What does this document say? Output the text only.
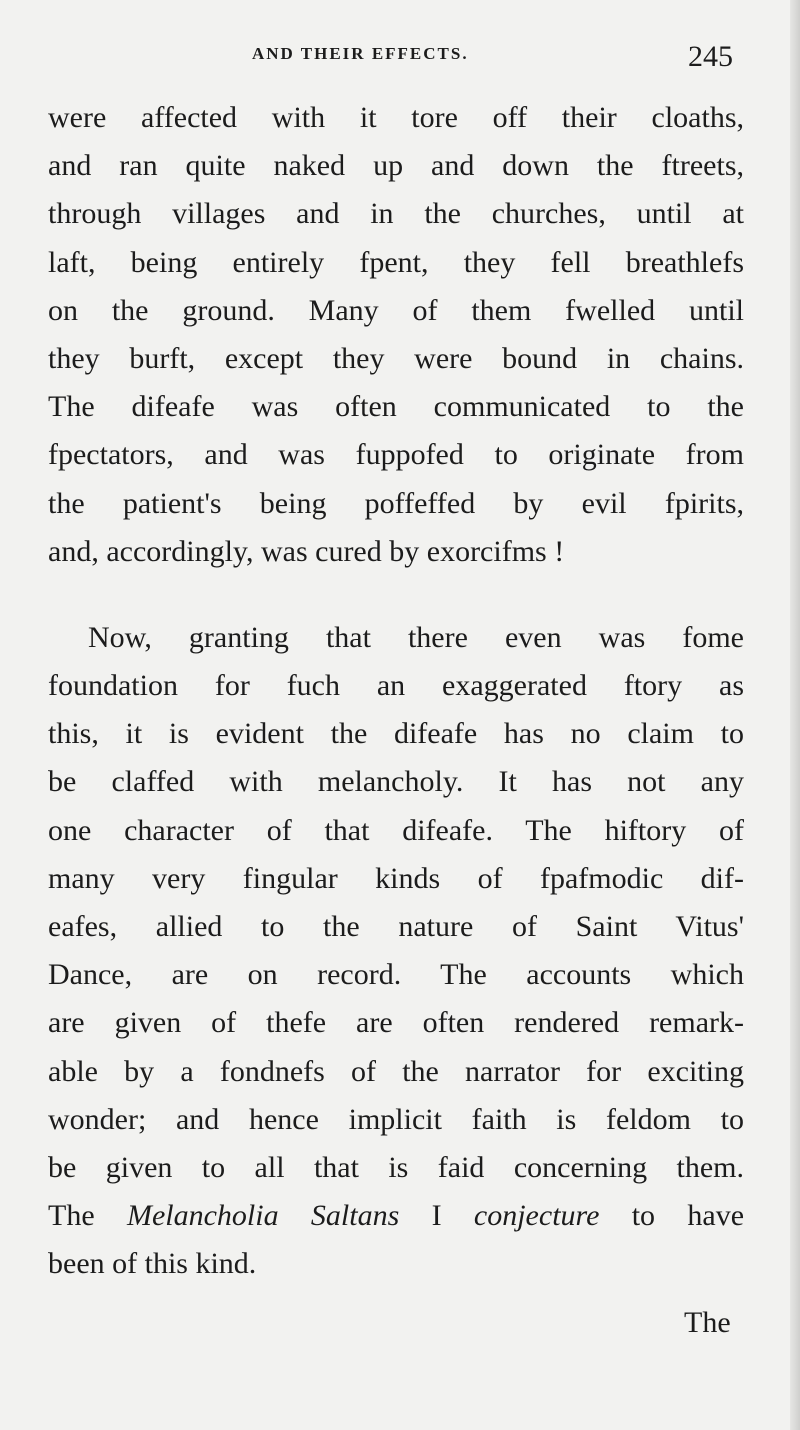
AND THEIR EFFECTS.	245
were affected with it tore off their cloaths,
and ran quite naked up and down the ftreets,
through villages and in the churches, until at
laft, being entirely fpent, they fell breathlefs
on the ground. Many of them fwelled until
they burft, except they were bound in chains.
The difeafe was often communicated to the
fpectators, and was fuppofed to originate from
the patient's being poffeffed by evil fpirits,
and, accordingly, was cured by exorcifms !
Now, granting that there even was fome
foundation for fuch an exaggerated ftory as
this, it is evident the difeafe has no claim to
be claffed with melancholy. It has not any
one character of that difeafe. The hiftory of
many very fingular kinds of fpafmodic dif-
eafes, allied to the nature of Saint Vitus'
Dance, are on record. The accounts which
are given of thefe are often rendered remark-
able by a fondnefs of the narrator for exciting
wonder; and hence implicit faith is feldom to
be given to all that is faid concerning them.
The Melancholia Saltans I conjecture to have
been of this kind.
The
